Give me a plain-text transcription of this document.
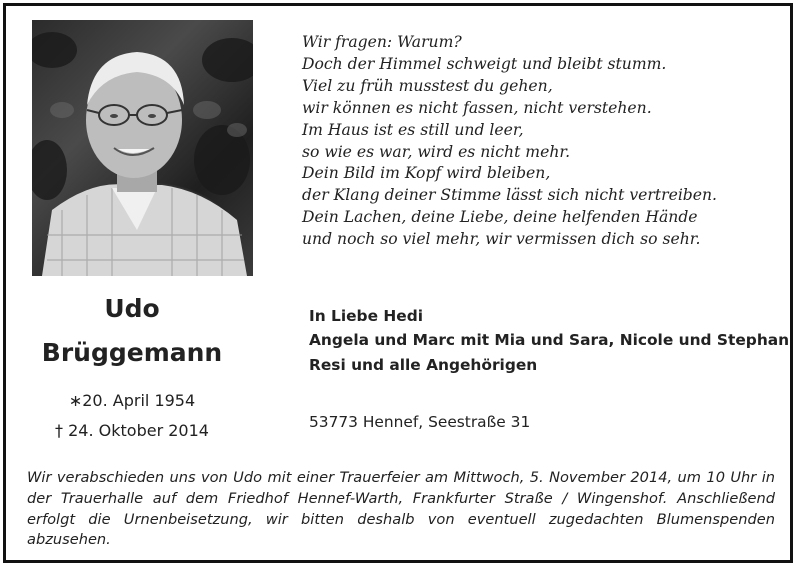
Wir fragen: Warum?
Doch der Himmel schweigt und bleibt stumm.
Viel zu früh musstest du gehen,
wir können es nicht fassen, nicht verstehen.
Im Haus ist es still und leer,
so wie es war, wird es nicht mehr.
Dein Bild im Kopf wird bleiben,
der Klang deiner Stimme lässt sich nicht vertreiben.
Dein Lachen, deine Liebe, deine helfenden Hände
und noch so viel mehr, wir vermissen dich so sehr.
Udo
Brüggemann
∗20. April 1954
† 24. Oktober 2014
In Liebe Hedi
Angela und Marc mit Mia und Sara, Nicole und Stephan
Resi und alle Angehörigen
53773 Hennef, Seestraße 31
Wir verabschieden uns von Udo mit einer Trauerfeier am Mittwoch, 5. November 2014, um 10 Uhr in der Trauerhalle auf dem Friedhof Hennef-Warth, Frankfurter Straße / Wingenshof. Anschließend erfolgt die Urnenbeisetzung, wir bitten deshalb von eventuell zugedachten Blumenspenden abzusehen.
